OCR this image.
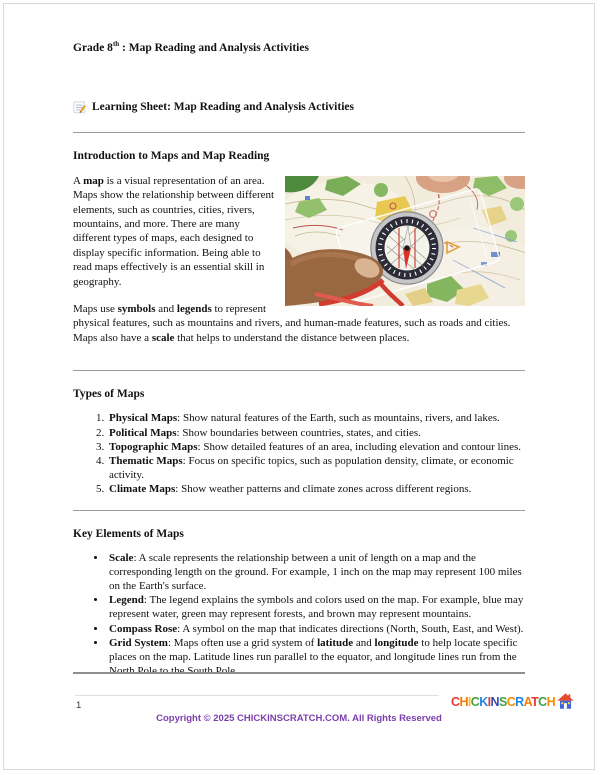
Grade 8th : Map Reading and Analysis Activities

Learning Sheet: Map Reading and Analysis Activities

Introduction to Maps and Map Reading

A map is a visual representation of an area. Maps show the relationship between different elements, such as countries, cities, rivers, mountains, and more. There are many different types of maps, each designed to display specific information. Being able to read maps effectively is an essential skill in geography.

Maps use symbols and legends to represent physical features, such as mountains and rivers, and human-made features, such as roads and cities. Maps also have a scale that helps to understand the distance between places.

Types of Maps
1. Physical Maps: Show natural features of the Earth, such as mountains, rivers, and lakes.
2. Political Maps: Show boundaries between countries, states, and cities.
3. Topographic Maps: Show detailed features of an area, including elevation and contour lines.
4. Thematic Maps: Focus on specific topics, such as population density, climate, or economic activity.
5. Climate Maps: Show weather patterns and climate zones across different regions.
Key Elements of Maps
• Scale: A scale represents the relationship between a unit of length on a map and the corresponding length on the ground. For example, 1 inch on the map may represent 100 miles on the Earth's surface.
• Legend: The legend explains the symbols and colors used on the map. For example, blue may represent water, green may represent forests, and brown may represent mountains.
• Compass Rose: A symbol on the map that indicates directions (North, South, East, and West).
• Grid System: Maps often use a grid system of latitude and longitude to help locate specific places on the map. Latitude lines run parallel to the equator, and longitude lines run from the North Pole to the South Pole.
1
Copyright © 2025 CHICKINSCRATCH.COM. All Rights Reserved
CHICKINSCRATCH
